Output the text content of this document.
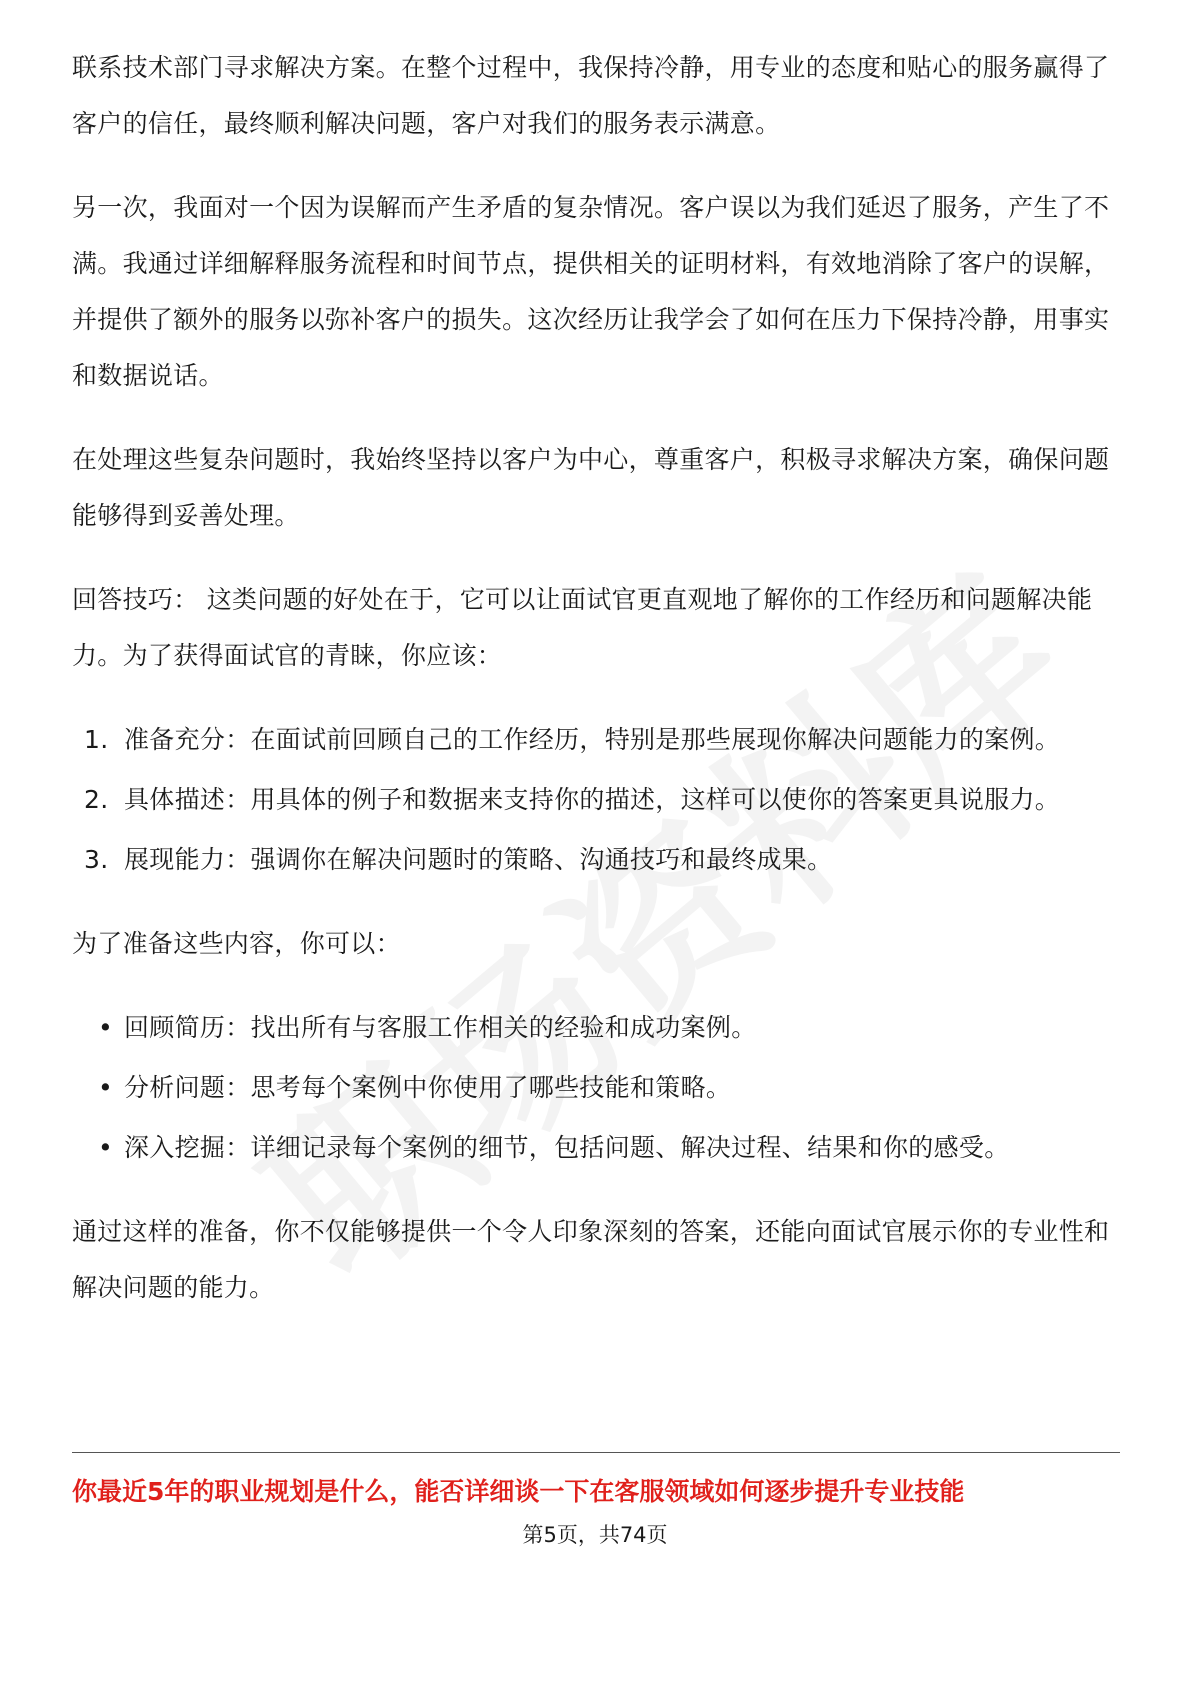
联系技术部门寻求解决方案。在整个过程中，我保持冷静，用专业的态度和贴心的服务赢得了客户的信任，最终顺利解决问题，客户对我们的服务表示满意。

另一次，我面对一个因为误解而产生矛盾的复杂情况。客户误以为我们延迟了服务，产生了不满。我通过详细解释服务流程和时间节点，提供相关的证明材料，有效地消除了客户的误解，并提供了额外的服务以弥补客户的损失。这次经历让我学会了如何在压力下保持冷静，用事实和数据说话。

在处理这些复杂问题时，我始终坚持以客户为中心，尊重客户，积极寻求解决方案，确保问题能够得到妥善处理。

回答技巧： 这类问题的好处在于，它可以让面试官更直观地了解你的工作经历和问题解决能力。为了获得面试官的青睐，你应该：

1. 准备充分：在面试前回顾自己的工作经历，特别是那些展现你解决问题能力的案例。
2. 具体描述：用具体的例子和数据来支持你的描述，这样可以使你的答案更具说服力。
3. 展现能力：强调你在解决问题时的策略、沟通技巧和最终成果。

为了准备这些内容，你可以：

• 回顾简历：找出所有与客服工作相关的经验和成功案例。
• 分析问题：思考每个案例中你使用了哪些技能和策略。
• 深入挖掘：详细记录每个案例的细节，包括问题、解决过程、结果和你的感受。

通过这样的准备，你不仅能够提供一个令人印象深刻的答案，还能向面试官展示你的专业性和解决问题的能力。

你最近5年的职业规划是什么，能否详细谈一下在客服领域如何逐步提升专业技能
第5页，共74页
